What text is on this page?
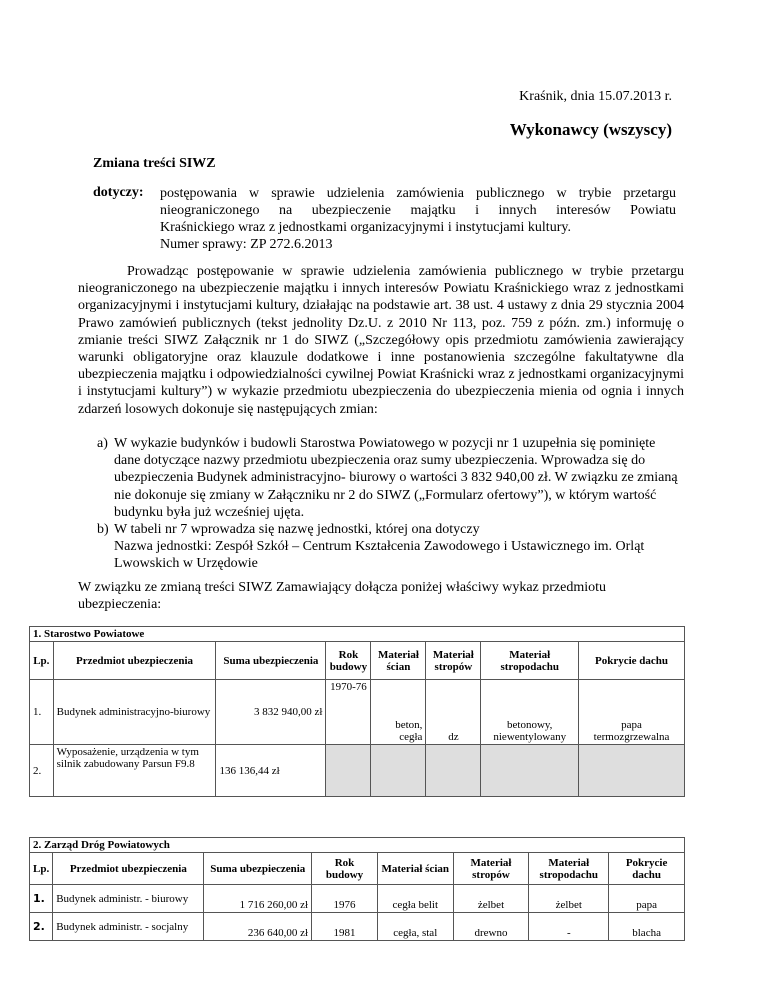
Kraśnik, dnia 15.07.2013 r.
Wykonawcy (wszyscy)
Zmiana treści SIWZ
dotyczy: postępowania w sprawie udzielenia zamówienia publicznego w trybie przetargu
nieograniczonego na ubezpieczenie majątku i innych interesów Powiatu
Kraśnickiego wraz z jednostkami organizacyjnymi i instytucjami kultury.
Numer sprawy: ZP 272.6.2013
Prowadząc postępowanie w sprawie udzielenia zamówienia publicznego w trybie przetargu nieograniczonego na ubezpieczenie majątku i innych interesów Powiatu Kraśnickiego wraz z jednostkami organizacyjnymi i instytucjami kultury, działając na podstawie art. 38 ust. 4 ustawy z dnia 29 stycznia 2004 Prawo zamówień publicznych (tekst jednolity Dz.U. z 2010 Nr 113, poz. 759 z późn. zm.) informuję o zmianie treści SIWZ Załącznik nr 1 do SIWZ („Szczegółowy opis przedmiotu zamówienia zawierający warunki obligatoryjne oraz klauzule dodatkowe i inne postanowienia szczególne fakultatywne dla ubezpieczenia majątku i odpowiedzialności cywilnej Powiat Kraśnicki wraz z jednostkami organizacyjnymi i instytucjami kultury”) w wykazie przedmiotu ubezpieczenia do ubezpieczenia mienia od ognia i innych zdarzeń losowych dokonuje się następujących zmian:
a) W wykazie budynków i budowli Starostwa Powiatowego w pozycji nr 1 uzupełnia się pominięte dane dotyczące nazwy przedmiotu ubezpieczenia oraz sumy ubezpieczenia. Wprowadza się do ubezpieczenia Budynek administracyjno- biurowy o wartości 3 832 940,00 zł. W związku ze zmianą nie dokonuje się zmiany w Załączniku nr 2 do SIWZ („Formularz ofertowy”), w którym wartość budynku była już wcześniej ujęta.
b) W tabeli nr 7 wprowadza się nazwę jednostki, której ona dotyczy
Nazwa jednostki: Zespół Szkół – Centrum Kształcenia Zawodowego i Ustawicznego im. Orląt Lwowskich w Urzędowie
W związku ze zmianą treści SIWZ Zamawiający dołącza poniżej właściwy wykaz przedmiotu ubezpieczenia:
1. Starostwo Powiatowe							
Lp.	Przedmiot ubezpieczenia	Suma ubezpieczenia	Rok budowy	Materiał ścian	Materiał stropów	Materiał stropodachu	Pokrycie dachu
1.	Budynek administracyjno-biurowy	3 832 940,00 zł	1970-76	beton, cegła	dz	betonowy, niewentylowany	papa termozgrzewalna
2.	Wyposażenie, urządzenia w tym silnik zabudowany Parsun F9.8	136 136,44 zł					
2. Zarząd Dróg Powiatowych							
Lp.	Przedmiot ubezpieczenia	Suma ubezpieczenia	Rok budowy	Materiał ścian	Materiał stropów	Materiał stropodachu	Pokrycie dachu
1.	Budynek administr. - biurowy	1 716 260,00 zł	1976	cegła belit	żelbet	żelbet	papa
2.	Budynek administr. - socjalny	236 640,00 zł	1981	cegła, stal	drewno	-	blacha
